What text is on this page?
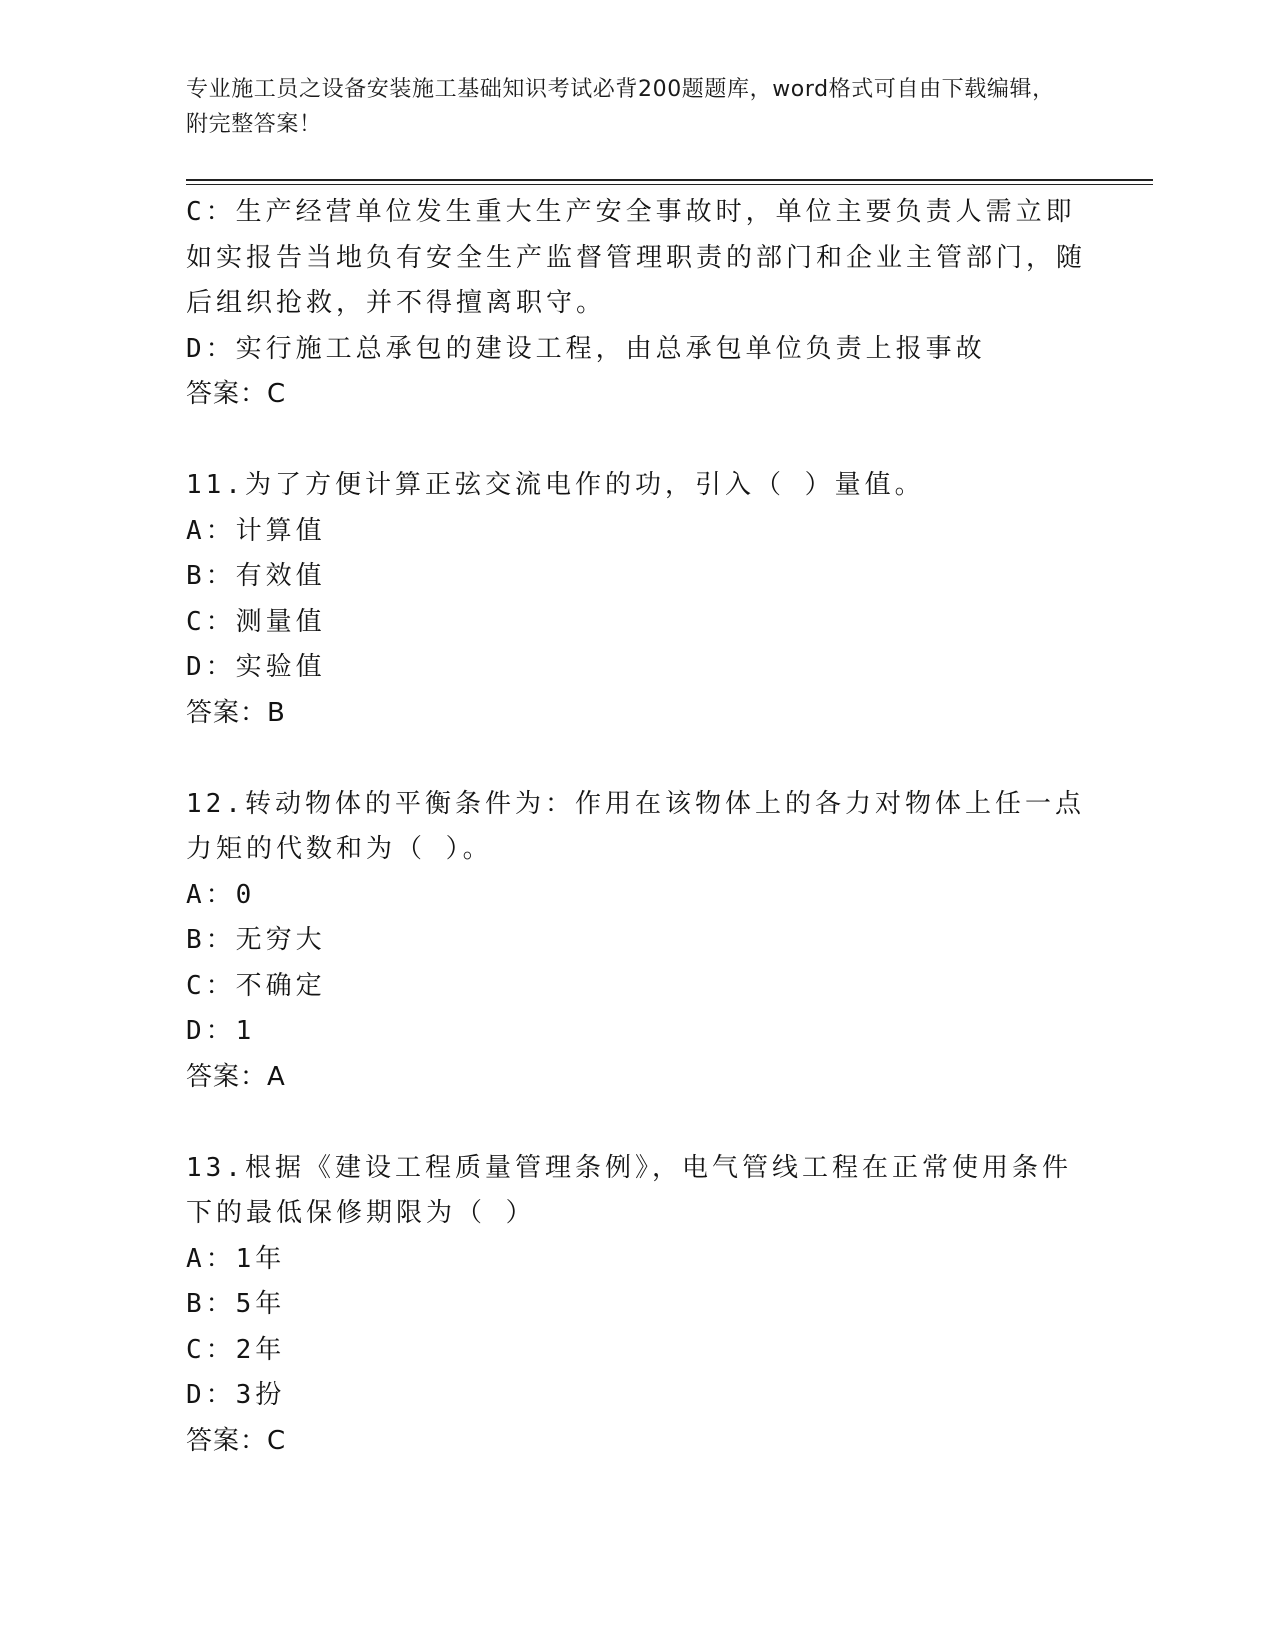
专业施工员之设备安装施工基础知识考试必背200题题库，word格式可自由下载编辑，附完整答案！
C：生产经营单位发生重大生产安全事故时，单位主要负责人需立即如实报告当地负有安全生产监督管理职责的部门和企业主管部门，随后组织抢救，并不得擅离职守。
D：实行施工总承包的建设工程，由总承包单位负责上报事故
答案：C
11.为了方便计算正弦交流电作的功，引入（ ）量值。
A：计算值
B：有效值
C：测量值
D：实验值
答案：B
12.转动物体的平衡条件为：作用在该物体上的各力对物体上任一点力矩的代数和为（ ）。
A：0
B：无穷大
C：不确定
D：1
答案：A
13.根据《建设工程质量管理条例》，电气管线工程在正常使用条件下的最低保修期限为（ ）
A：1年
B：5年
C：2年
D：3扮
答案：C
